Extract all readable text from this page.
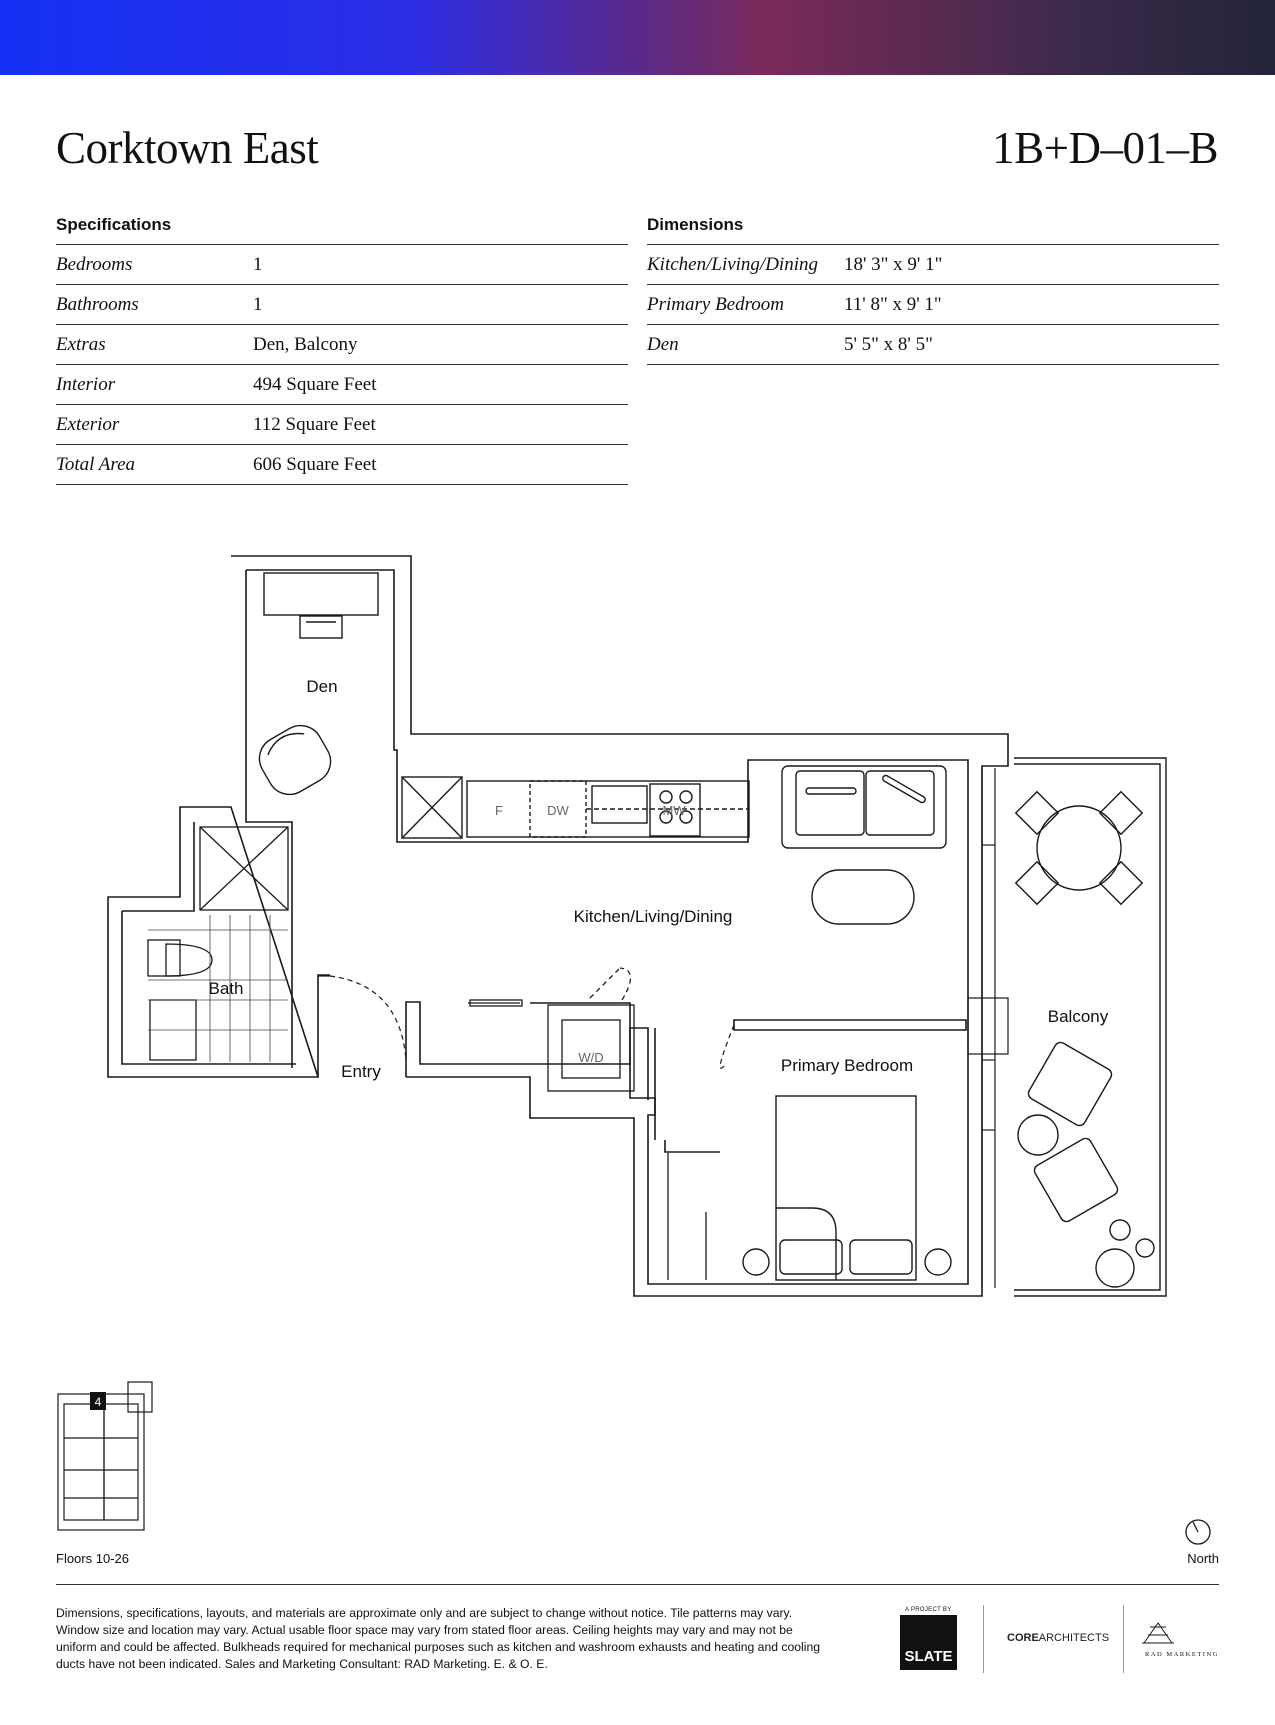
Corktown East	1B+D–01–B
Specifications
Bedrooms	1
Bathrooms	1
Extras	Den, Balcony
Interior	494 Square Feet
Exterior	112 Square Feet
Total Area	606 Square Feet
Dimensions
Kitchen/Living/Dining	18' 3" x 9' 1"
Primary Bedroom	11' 8" x 9' 1"
Den	5' 5" x 8' 5"
F	DW	MW
W/D
Den
Kitchen/Living/Dining
Bath
Entry	Primary Bedroom
Balcony
4
Floors 10-26	North
Dimensions, specifications, layouts, and materials are approximate only and are subject to change without notice. Tile patterns may vary. Window size and location may vary. Actual usable floor space may vary from stated floor areas. Ceiling heights may vary and may not be uniform and could be affected. Bulkheads required for mechanical purposes such as kitchen and washroom exhausts and heating and cooling ducts have not been indicated. Sales and Marketing Consultant: RAD Marketing. E. & O. E.
A PROJECT BY
SLATE
COREARCHITECTS
RAD MARKETING
